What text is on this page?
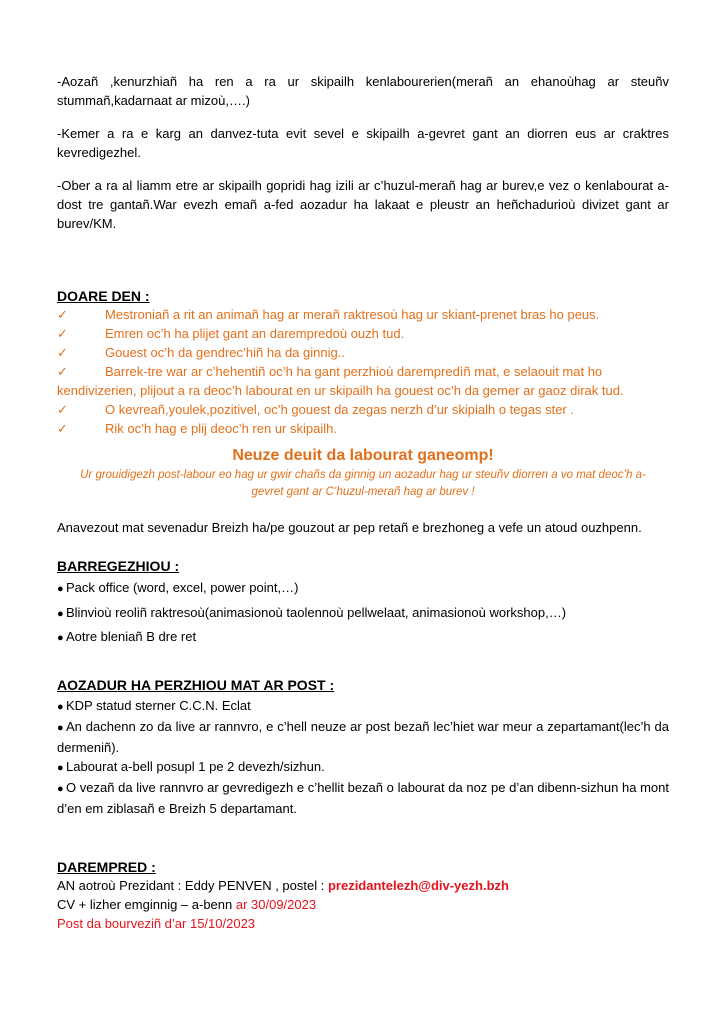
-Aozañ ,kenurzhiañ ha ren a ra ur skipailh kenlabourerien(merañ an ehanoùhag ar steuñv stummañ,kadarnaat ar mizoù,….)
-Kemer a ra e karg an danvez-tuta evit sevel e skipailh a-gevret gant an diorren eus ar craktres kevredigezhel.
-Ober a ra al liamm etre ar skipailh gopridi hag izili ar c’huzul-merañ hag ar burev,e vez o kenlabourat a-dost tre gantañ.War evezh emañ a-fed aozadur ha lakaat e pleustr an heñchadurioù divizet gant ar burev/KM.
DOARE DEN :
✓	Mestroniañ a rit an animañ hag ar merañ raktresoù hag ur skiant-prenet bras ho peus.
✓	Emren oc’h ha plijet gant an darempredoù ouzh tud.
✓	Gouest oc’h da gendrec’hiñ ha da ginnig..
✓	Barrek-tre war ar c’hehentiñ oc’h ha gant perzhioù darempredìñ mat, e selaouit mat ho
kendivizerien, plijout a ra deoc’h labourat en ur skipailh ha gouest oc’h da gemer ar gaoz dirak tud.
✓	O kevreañ,youlek,pozitivel, oc’h gouest da zegas nerzh d’ur skipialh o tegas ster .
✓	Rik oc’h hag e plij deoc’h ren ur skipailh.
Neuze deuit da labourat ganeomp!
Ur grouidigezh post-labour eo hag ur gwir chañs da ginnig un aozadur hag ur steuñv diorren a vo mat deoc’h a-
gevret gant ar C’huzul-merañ hag ar burev !
Anavezout mat sevenadur Breizh ha/pe gouzout ar pep retañ e brezhoneg a vefe un atoud ouzhpenn.
BARREGEZHIOU :
● Pack office (word, excel, power point,…)
● Blinvioù reoliñ raktresoù(animasionoù taolennoù pellwelaat, animasionoù workshop,…)
● Aotre bleniañ B dre ret
AOZADUR HA PERZHIOU MAT AR POST :
● KDP statud sterner C.C.N. Eclat
● An dachenn zo da live ar rannvro, e c’hell neuze ar post bezañ lec’hiet war meur a zepartamant(lec’h da dermeniñ).
● Labourat a-bell posupl 1 pe 2 devezh/sizhun.
● O vezañ da live rannvro ar gevredigezh e c’hellit bezañ o labourat da noz pe d’an dibenn-sizhun ha mont d’en em ziblasañ e Breizh 5 departamant.
DAREMPRED :
AN aotroù Prezidant : Eddy PENVEN , postel : prezidantelezh@div-yezh.bzh
CV + lizher emginnig – a-benn ar 30/09/2023
Post da bourveziñ d’ar 15/10/2023
